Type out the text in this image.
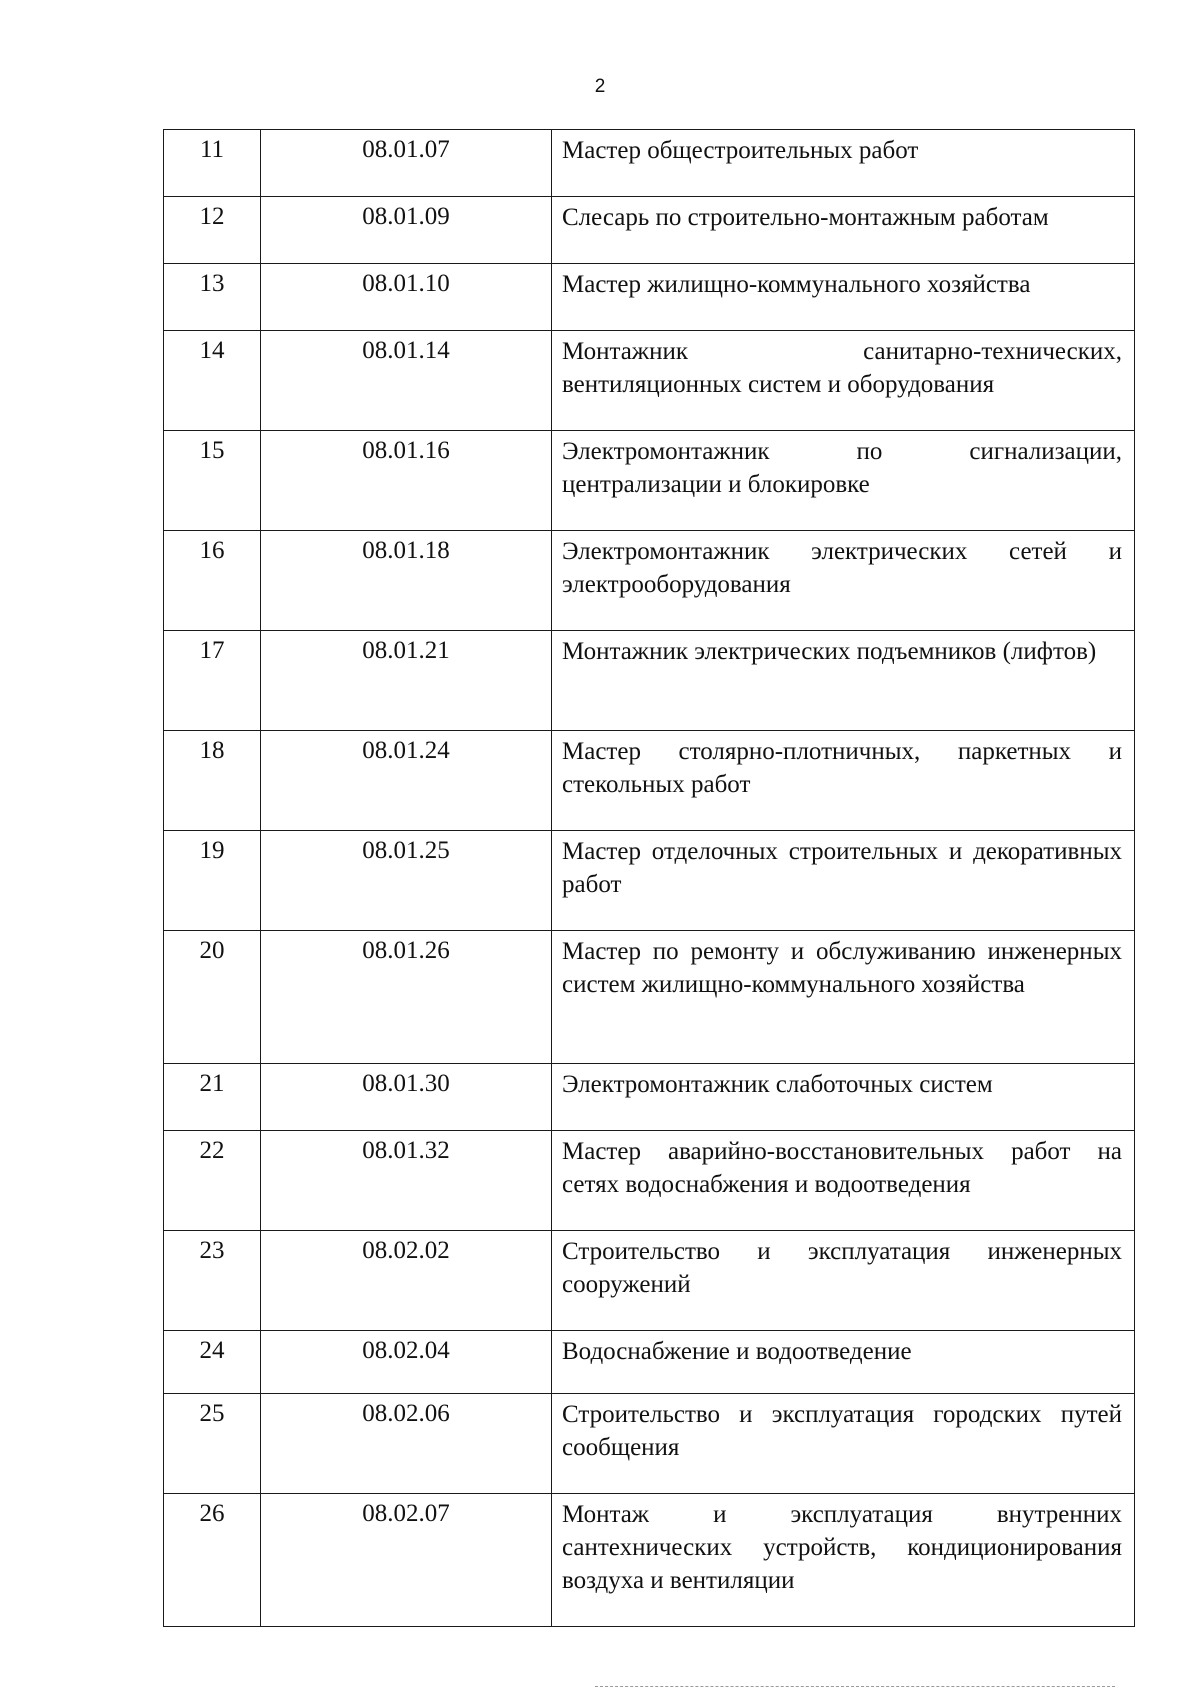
2
11	08.01.07	Мастер общестроительных работ
12	08.01.09	Слесарь по строительно-монтажным работам
13	08.01.10	Мастер жилищно-коммунального хозяйства
14	08.01.14	Монтажник санитарно-технических, вентиляционных систем и оборудования
15	08.01.16	Электромонтажник по сигнализации, централизации и блокировке
16	08.01.18	Электромонтажник электрических сетей и электрооборудования
17	08.01.21	Монтажник электрических подъемников (лифтов)
18	08.01.24	Мастер столярно-плотничных, паркетных и стекольных работ
19	08.01.25	Мастер отделочных строительных и декоративных работ
20	08.01.26	Мастер по ремонту и обслуживанию инженерных систем жилищно-коммунального хозяйства
21	08.01.30	Электромонтажник слаботочных систем
22	08.01.32	Мастер аварийно-восстановительных работ на сетях водоснабжения и водоотведения
23	08.02.02	Строительство и эксплуатация инженерных сооружений
24	08.02.04	Водоснабжение и водоотведение
25	08.02.06	Строительство и эксплуатация городских путей сообщения
26	08.02.07	Монтаж и эксплуатация внутренних сантехнических устройств, кондиционирования воздуха и вентиляции
